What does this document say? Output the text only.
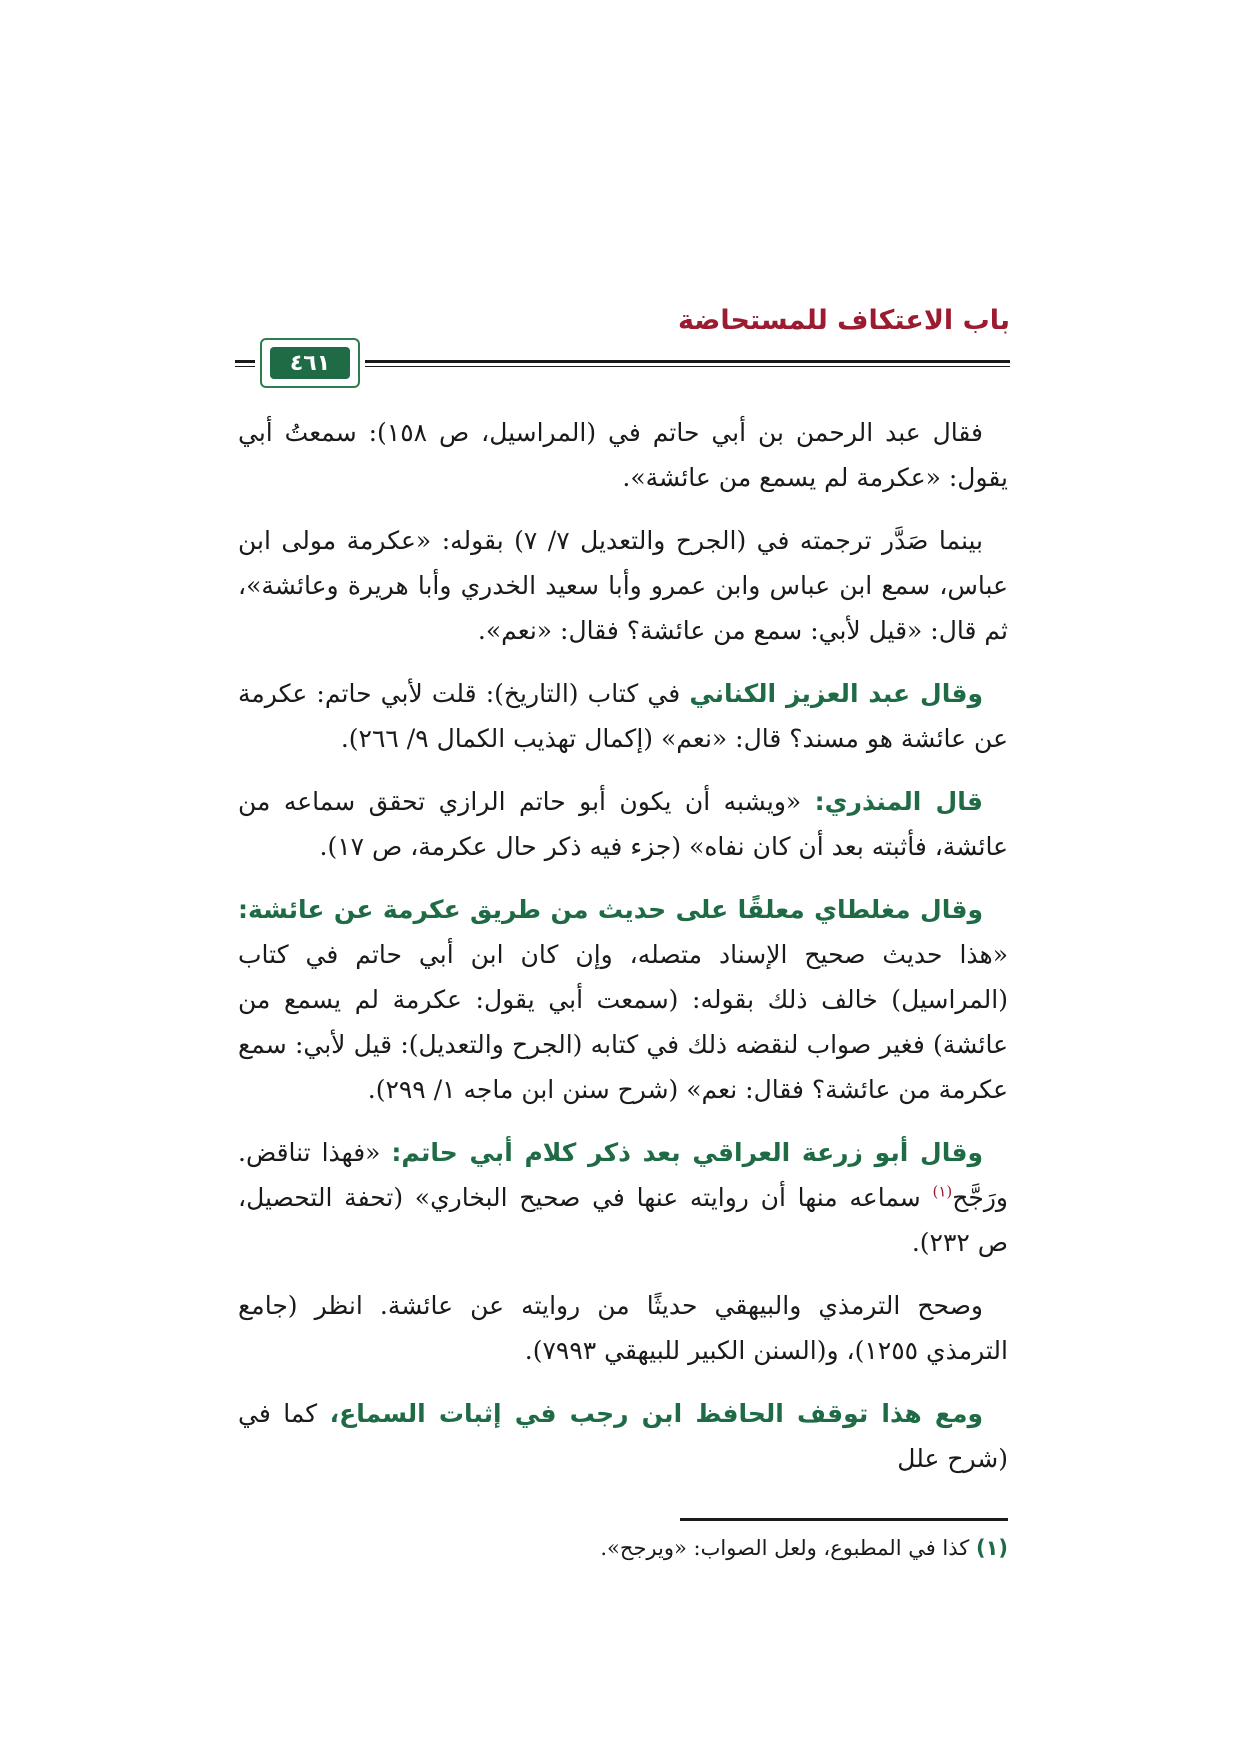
باب الاعتكاف للمستحاضة
٤٦١

فقال عبد الرحمن بن أبي حاتم في (المراسيل، ص ١٥٨): سمعتُ أبي يقول: «عكرمة لم يسمع من عائشة».

بينما صَدَّر ترجمته في (الجرح والتعديل ٧/ ٧) بقوله: «عكرمة مولى ابن عباس، سمع ابن عباس وابن عمرو وأبا سعيد الخدري وأبا هريرة وعائشة»، ثم قال: «قيل لأبي: سمع من عائشة؟ فقال: «نعم».

وقال عبد العزيز الكناني في كتاب (التاريخ): قلت لأبي حاتم: عكرمة عن عائشة هو مسند؟ قال: «نعم» (إكمال تهذيب الكمال ٩/ ٢٦٦).

قال المنذري: «ويشبه أن يكون أبو حاتم الرازي تحقق سماعه من عائشة، فأثبته بعد أن كان نفاه» (جزء فيه ذكر حال عكرمة، ص ١٧).

وقال مغلطاي معلقًا على حديث من طريق عكرمة عن عائشة: «هذا حديث صحيح الإسناد متصله، وإن كان ابن أبي حاتم في كتاب (المراسيل) خالف ذلك بقوله: (سمعت أبي يقول: عكرمة لم يسمع من عائشة) فغير صواب لنقضه ذلك في كتابه (الجرح والتعديل): قيل لأبي: سمع عكرمة من عائشة؟ فقال: نعم» (شرح سنن ابن ماجه ١/ ٢٩٩).

وقال أبو زرعة العراقي بعد ذكر كلام أبي حاتم: «فهذا تناقض. ورَجَّح$^{(١)}$ سماعه منها أن روايته عنها في صحيح البخاري» (تحفة التحصيل، ص ٢٣٢).

وصحح الترمذي والبيهقي حديثًا من روايته عن عائشة. انظر (جامع الترمذي ١٢٥٥)، و(السنن الكبير للبيهقي ٧٩٩٣).

ومع هذا توقف الحافظ ابن رجب في إثبات السماع، كما في (شرح علل

(١) كذا في المطبوع، ولعل الصواب: «ويرجح».
